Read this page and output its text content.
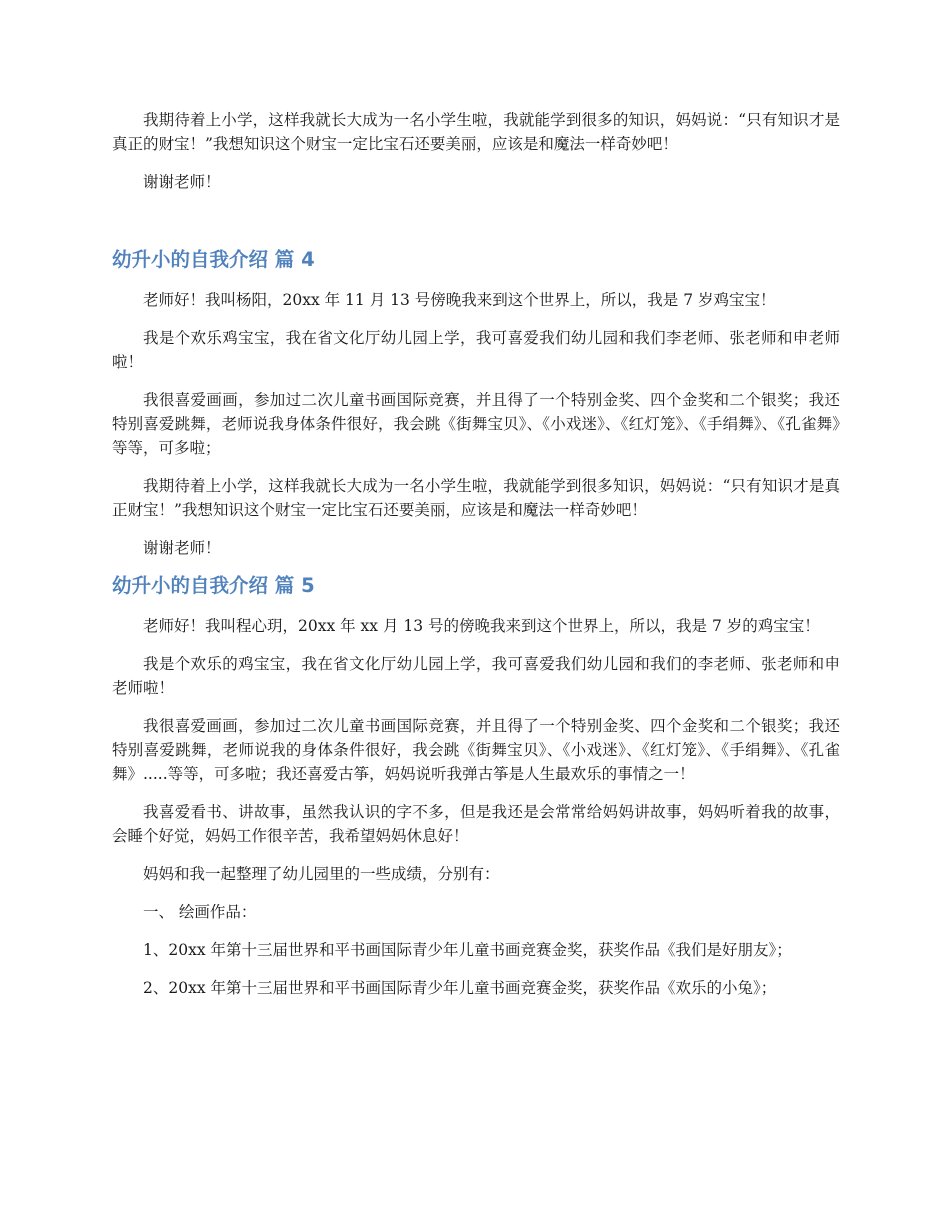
我期待着上小学，这样我就长大成为一名小学生啦，我就能学到很多的知识，妈妈说：“只有知识才是真正的财宝！”我想知识这个财宝一定比宝石还要美丽，应该是和魔法一样奇妙吧！

谢谢老师！

幼升小的自我介绍 篇 4

老师好！我叫杨阳，20xx 年 11 月 13 号傍晚我来到这个世界上，所以，我是 7 岁鸡宝宝！

我是个欢乐鸡宝宝，我在省文化厅幼儿园上学，我可喜爱我们幼儿园和我们李老师、张老师和申老师啦！

我很喜爱画画，参加过二次儿童书画国际竞赛，并且得了一个特别金奖、四个金奖和二个银奖；我还特别喜爱跳舞，老师说我身体条件很好，我会跳《街舞宝贝》、《小戏迷》、《红灯笼》、《手绢舞》、《孔雀舞》等等，可多啦；

我期待着上小学，这样我就长大成为一名小学生啦，我就能学到很多知识，妈妈说：“只有知识才是真正财宝！”我想知识这个财宝一定比宝石还要美丽，应该是和魔法一样奇妙吧！

谢谢老师！

幼升小的自我介绍 篇 5

老师好！我叫程心玥，20xx 年 xx 月 13 号的傍晚我来到这个世界上，所以，我是 7 岁的鸡宝宝！

我是个欢乐的鸡宝宝，我在省文化厅幼儿园上学，我可喜爱我们幼儿园和我们的李老师、张老师和申老师啦！

我很喜爱画画，参加过二次儿童书画国际竞赛，并且得了一个特别金奖、四个金奖和二个银奖；我还特别喜爱跳舞，老师说我的身体条件很好，我会跳《街舞宝贝》、《小戏迷》、《红灯笼》、《手绢舞》、《孔雀舞》.....等等，可多啦；我还喜爱古筝，妈妈说听我弹古筝是人生最欢乐的事情之一！

我喜爱看书、讲故事，虽然我认识的字不多，但是我还是会常常给妈妈讲故事，妈妈听着我的故事，会睡个好觉，妈妈工作很辛苦，我希望妈妈休息好！

妈妈和我一起整理了幼儿园里的一些成绩，分别有：

一、 绘画作品：

1、20xx 年第十三届世界和平书画国际青少年儿童书画竞赛金奖，获奖作品《我们是好朋友》；

2、20xx 年第十三届世界和平书画国际青少年儿童书画竞赛金奖，获奖作品《欢乐的小兔》；
